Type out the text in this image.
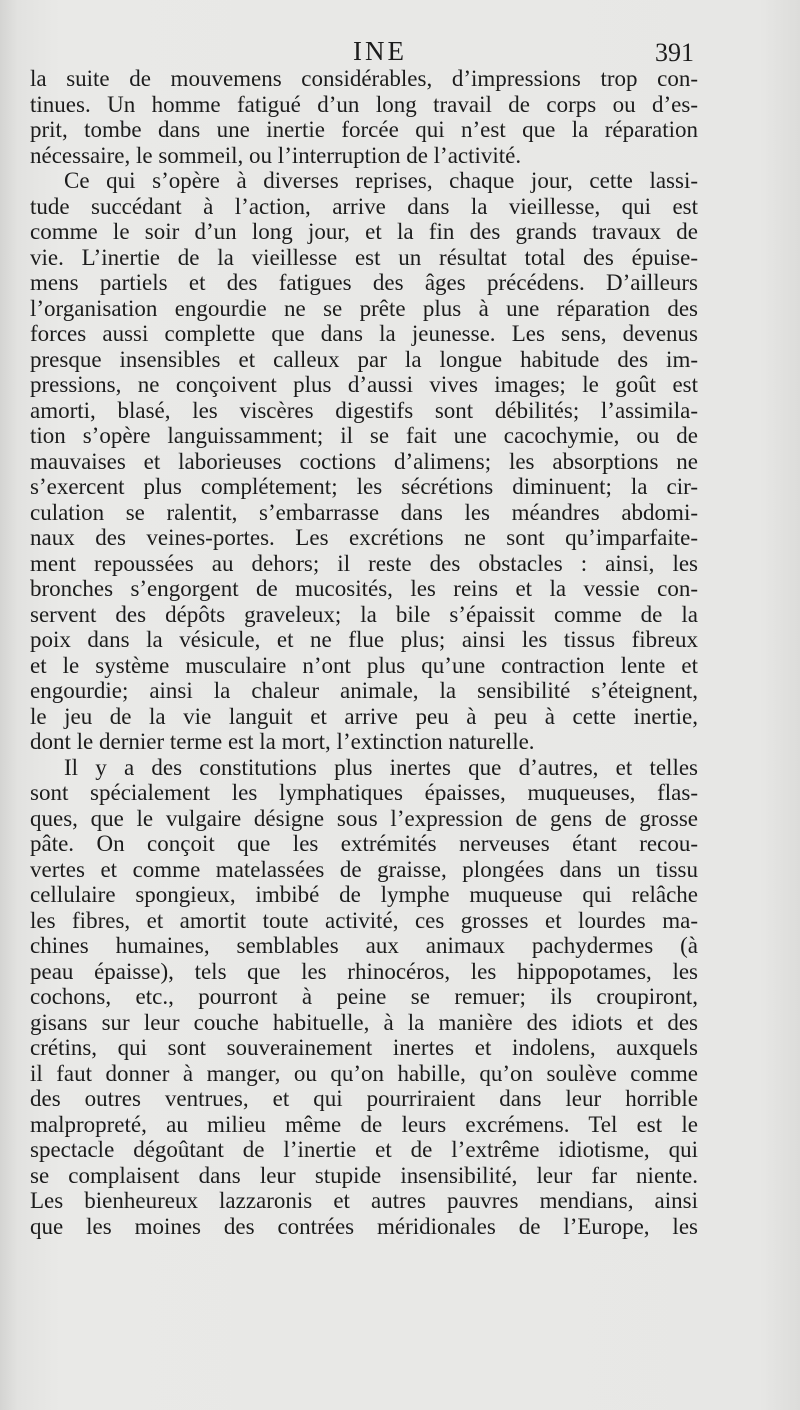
INE	391
la suite de mouvemens considérables, d’impressions trop con-
tinues. Un homme fatigué d’un long travail de corps ou d’es-
prit, tombe dans une inertie forcée qui n’est que la réparation
nécessaire, le sommeil, ou l’interruption de l’activité.
Ce qui s’opère à diverses reprises, chaque jour, cette lassi-
tude succédant à l’action, arrive dans la vieillesse, qui est
comme le soir d’un long jour, et la fin des grands travaux de
vie. L’inertie de la vieillesse est un résultat total des épuise-
mens partiels et des fatigues des âges précédens. D’ailleurs
l’organisation engourdie ne se prête plus à une réparation des
forces aussi complette que dans la jeunesse. Les sens, devenus
presque insensibles et calleux par la longue habitude des im-
pressions, ne conçoivent plus d’aussi vives images; le goût est
amorti, blasé, les viscères digestifs sont débilités; l’assimila-
tion s’opère languissamment; il se fait une cacochymie, ou de
mauvaises et laborieuses coctions d’alimens; les absorptions ne
s’exercent plus complétement; les sécrétions diminuent; la cir-
culation se ralentit, s’embarrasse dans les méandres abdomi-
naux des veines-portes. Les excrétions ne sont qu’imparfaite-
ment repoussées au dehors; il reste des obstacles : ainsi, les
bronches s’engorgent de mucosités, les reins et la vessie con-
servent des dépôts graveleux; la bile s’épaissit comme de la
poix dans la vésicule, et ne flue plus; ainsi les tissus fibreux
et le système musculaire n’ont plus qu’une contraction lente et
engourdie; ainsi la chaleur animale, la sensibilité s’éteignent,
le jeu de la vie languit et arrive peu à peu à cette inertie,
dont le dernier terme est la mort, l’extinction naturelle.
Il y a des constitutions plus inertes que d’autres, et telles
sont spécialement les lymphatiques épaisses, muqueuses, flas-
ques, que le vulgaire désigne sous l’expression de gens de grosse
pâte. On conçoit que les extrémités nerveuses étant recou-
vertes et comme matelassées de graisse, plongées dans un tissu
cellulaire spongieux, imbibé de lymphe muqueuse qui relâche
les fibres, et amortit toute activité, ces grosses et lourdes ma-
chines humaines, semblables aux animaux pachydermes (à
peau épaisse), tels que les rhinocéros, les hippopotames, les
cochons, etc., pourront à peine se remuer; ils croupiront,
gisans sur leur couche habituelle, à la manière des idiots et des
crétins, qui sont souverainement inertes et indolens, auxquels
il faut donner à manger, ou qu’on habille, qu’on soulève comme
des outres ventrues, et qui pourriraient dans leur horrible
malpropreté, au milieu même de leurs excrémens. Tel est le
spectacle dégoûtant de l’inertie et de l’extrême idiotisme, qui
se complaisent dans leur stupide insensibilité, leur far niente.
Les bienheureux lazzaronis et autres pauvres mendians, ainsi
que les moines des contrées méridionales de l’Europe, les
